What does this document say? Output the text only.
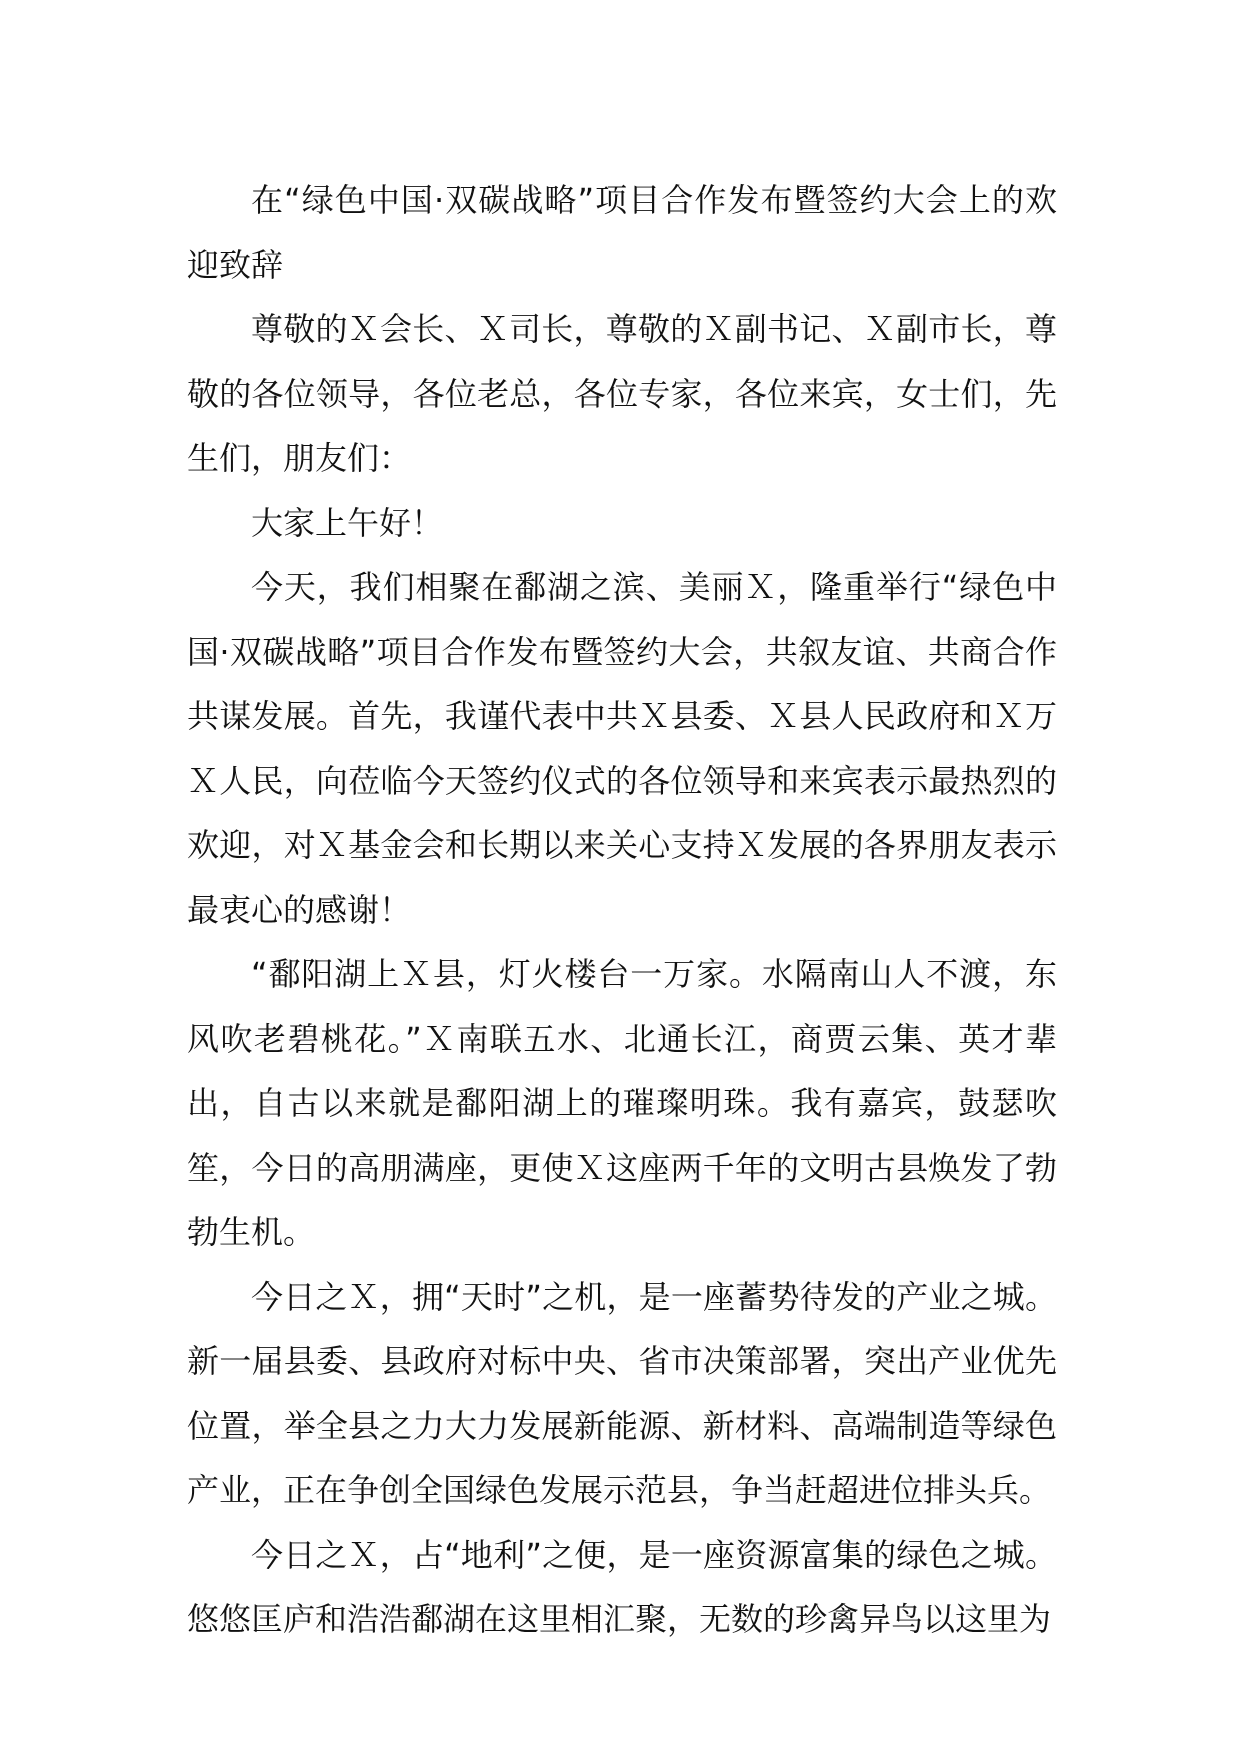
在“绿色中国·双碳战略”项目合作发布暨签约大会上的欢迎致辞

尊敬的Ｘ会长、Ｘ司长，尊敬的Ｘ副书记、Ｘ副市长，尊敬的各位领导，各位老总，各位专家，各位来宾，女士们，先生们，朋友们：

大家上午好！

今天，我们相聚在鄱湖之滨、美丽Ｘ，隆重举行“绿色中国·双碳战略”项目合作发布暨签约大会，共叙友谊、共商合作共谋发展。首先，我谨代表中共Ｘ县委、Ｘ县人民政府和Ｘ万Ｘ人民，向莅临今天签约仪式的各位领导和来宾表示最热烈的欢迎，对Ｘ基金会和长期以来关心支持Ｘ发展的各界朋友表示最衷心的感谢！

“鄱阳湖上Ｘ县，灯火楼台一万家。水隔南山人不渡，东风吹老碧桃花。”Ｘ南联五水、北通长江，商贾云集、英才辈出，自古以来就是鄱阳湖上的璀璨明珠。我有嘉宾，鼓瑟吹笙，今日的高朋满座，更使Ｘ这座两千年的文明古县焕发了勃勃生机。

今日之Ｘ，拥“天时”之机，是一座蓄势待发的产业之城。新一届县委、县政府对标中央、省市决策部署，突出产业优先位置，举全县之力大力发展新能源、新材料、高端制造等绿色产业，正在争创全国绿色发展示范县，争当赶超进位排头兵。

今日之Ｘ，占“地利”之便，是一座资源富集的绿色之城。悠悠匡庐和浩浩鄱湖在这里相汇聚，无数的珍禽异鸟以这里为
